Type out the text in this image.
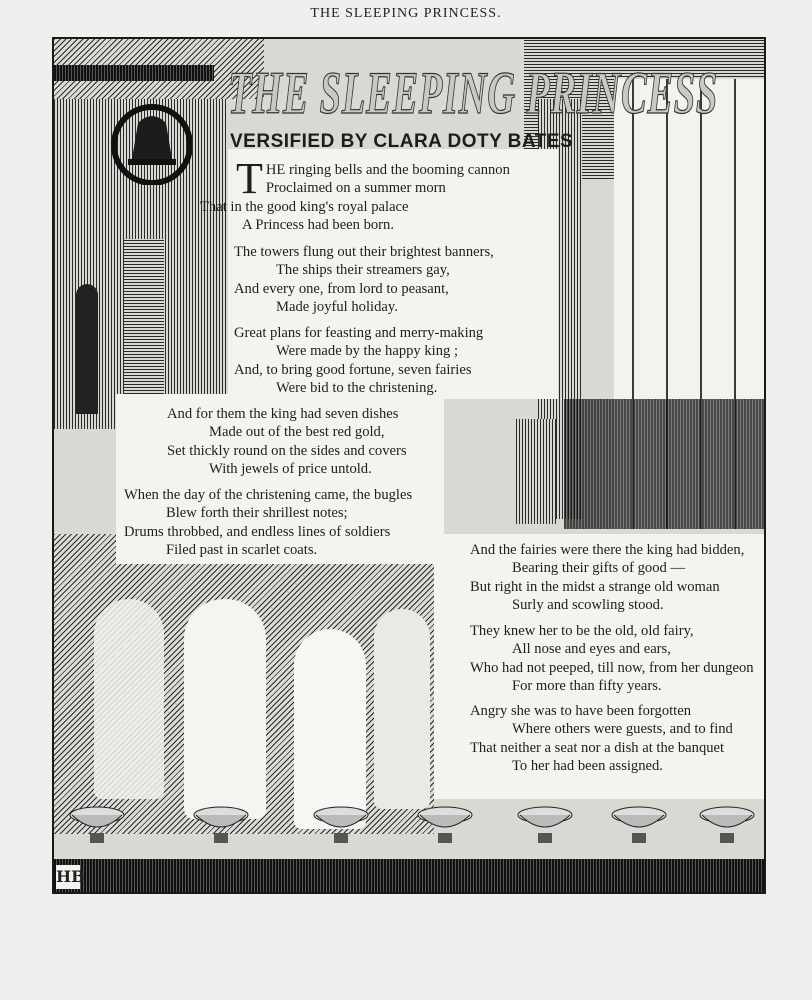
THE SLEEPING PRINCESS.
THE SLEEPING PRINCESS
VERSIFIED BY CLARA DOTY BATES
T HE ringing bells and the booming cannon
Proclaimed on a summer morn
That in the good king's royal palace
A Princess had been born.
The towers flung out their brightest banners,
The ships their streamers gay,
And every one, from lord to peasant,
Made joyful holiday.
Great plans for feasting and merry-making
Were made by the happy king ;
And, to bring good fortune, seven fairies
Were bid to the christening.
And for them the king had seven dishes
Made out of the best red gold,
Set thickly round on the sides and covers
With jewels of price untold.
When the day of the christening came, the bugles
Blew forth their shrillest notes;
Drums throbbed, and endless lines of soldiers
Filed past in scarlet coats.	And the fairies were there the king had bidden,
Bearing their gifts of good —
But right in the midst a strange old woman
Surly and scowling stood.
They knew her to be the old, old fairy,
All nose and eyes and ears,
Who had not peeped, till now, from her dungeon
For more than fifty years.
Angry she was to have been forgotten
Where others were guests, and to find
That neither a seat nor a dish at the banquet
To her had been assigned.
HB
